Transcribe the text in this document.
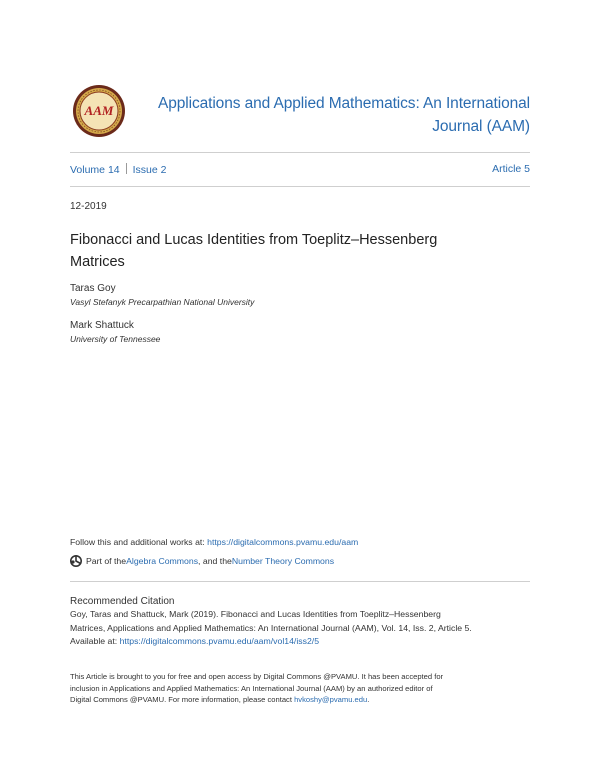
AAM	Applications and Applied Mathematics: An International
Journal (AAM)
Volume 14 Issue 2	Article 5
12-2019
Fibonacci and Lucas Identities from Toeplitz–Hessenberg
Matrices
Taras Goy
Vasyl Stefanyk Precarpathian National University
Mark Shattuck
University of Tennessee
Follow this and additional works at: https://digitalcommons.pvamu.edu/aam
Part of the Algebra Commons , and the Number Theory Commons
Recommended Citation
Goy, Taras and Shattuck, Mark (2019). Fibonacci and Lucas Identities from Toeplitz–Hessenberg
Matrices, Applications and Applied Mathematics: An International Journal (AAM), Vol. 14, Iss. 2, Article 5.
Available at: https://digitalcommons.pvamu.edu/aam/vol14/iss2/5
This Article is brought to you for free and open access by Digital Commons @PVAMU. It has been accepted for
inclusion in Applications and Applied Mathematics: An International Journal (AAM) by an authorized editor of
Digital Commons @PVAMU. For more information, please contact hvkoshy@pvamu.edu.
